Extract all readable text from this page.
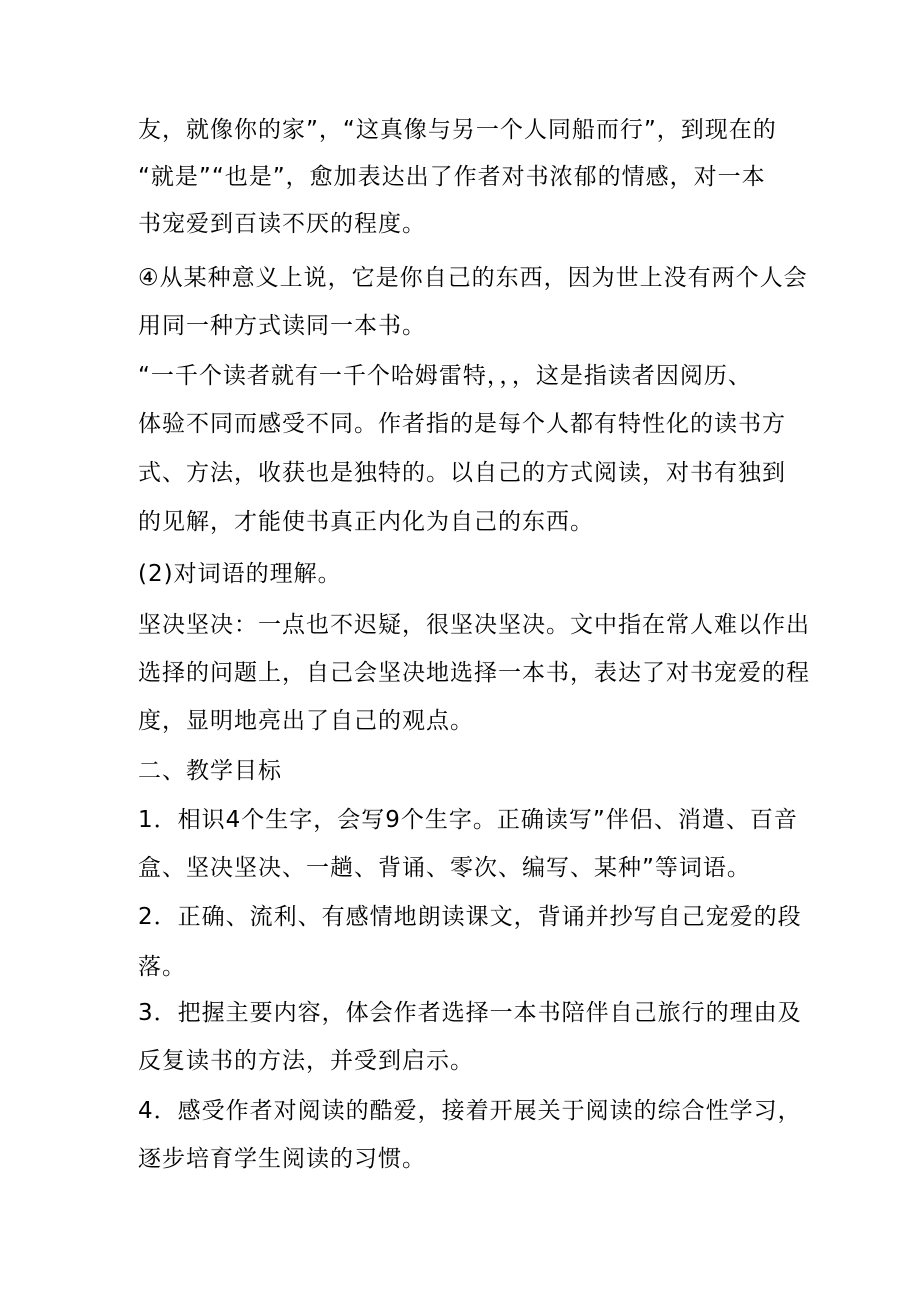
友，就像你的家”，“这真像与另一个人同船而行”，到现在的
“就是”“也是”，愈加表达出了作者对书浓郁的情感，对一本
书宠爱到百读不厌的程度。
④从某种意义上说，它是你自己的东西，因为世上没有两个人会
用同一种方式读同一本书。
“一千个读者就有一千个哈姆雷特，，，这是指读者因阅历、
体验不同而感受不同。作者指的是每个人都有特性化的读书方
式、方法，收获也是独特的。以自己的方式阅读，对书有独到
的见解，才能使书真正内化为自己的东西。
(2)对词语的理解。
坚决坚决：一点也不迟疑，很坚决坚决。文中指在常人难以作出
选择的问题上，自己会坚决地选择一本书，表达了对书宠爱的程
度，显明地亮出了自己的观点。
二、教学目标
1．相识4个生字，会写9个生字。正确读写”伴侣、消遣、百音
盒、坚决坚决、一趟、背诵、零次、编写、某种”等词语。
2．正确、流利、有感情地朗读课文，背诵并抄写自己宠爱的段
落。
3．把握主要内容，体会作者选择一本书陪伴自己旅行的理由及
反复读书的方法，并受到启示。
4．感受作者对阅读的酷爱，接着开展关于阅读的综合性学习，
逐步培育学生阅读的习惯。
